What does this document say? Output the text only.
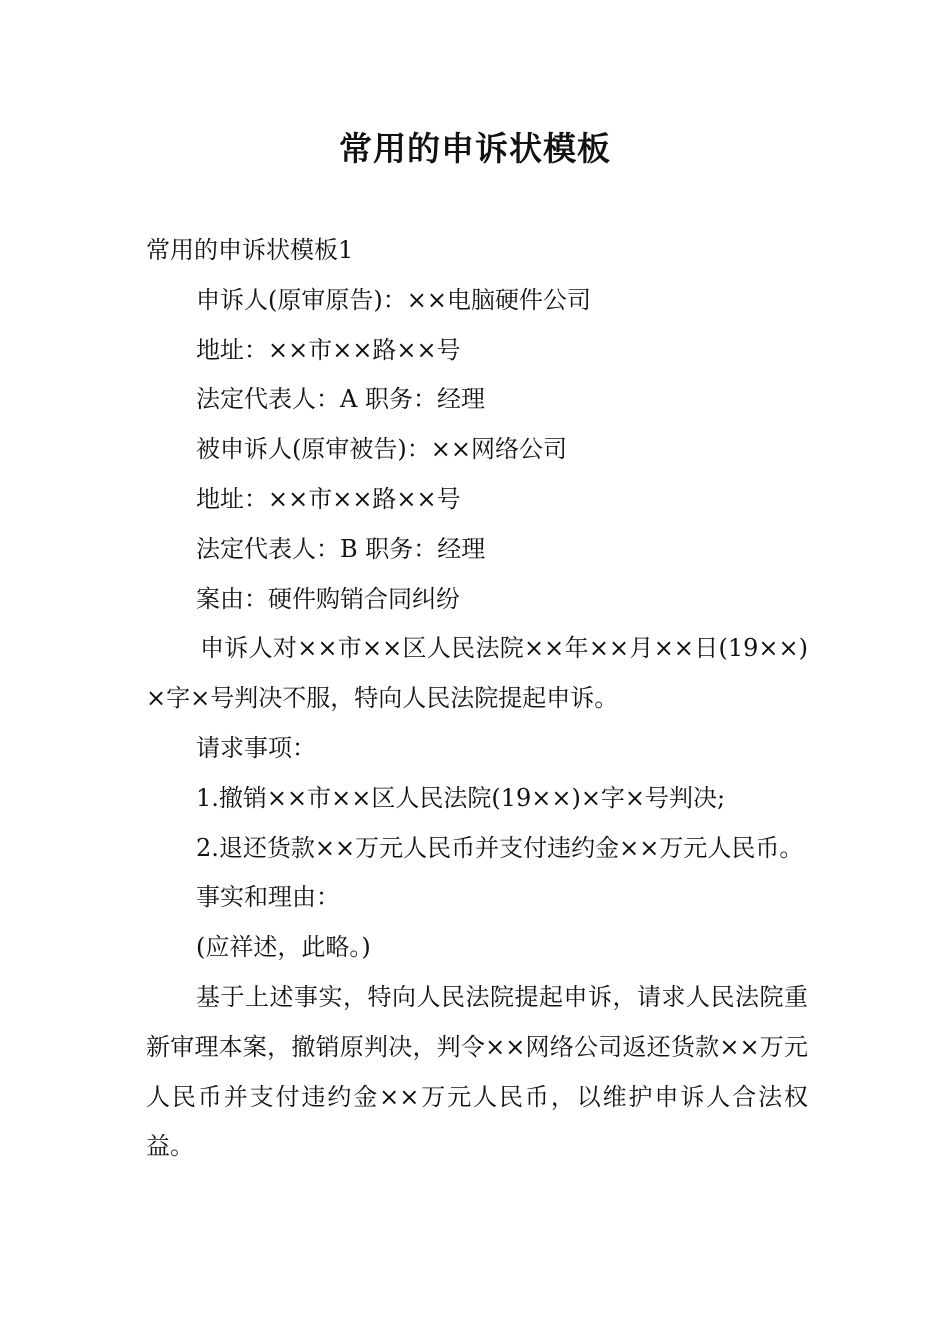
常用的申诉状模板

常用的申诉状模板1

申诉人(原审原告)：××电脑硬件公司

地址：××市××路××号

法定代表人：A 职务：经理

被申诉人(原审被告)：××网络公司

地址：××市××路××号

法定代表人：B 职务：经理

案由：硬件购销合同纠纷

申诉人对××市××区人民法院××年××月××日(19××)×字×号判决不服，特向人民法院提起申诉。

请求事项：

1.撤销××市××区人民法院(19××)×字×号判决;

2.退还货款××万元人民币并支付违约金××万元人民币。

事实和理由：

(应祥述，此略。)

基于上述事实，特向人民法院提起申诉，请求人民法院重新审理本案，撤销原判决，判令××网络公司返还货款××万元人民币并支付违约金××万元人民币，以维护申诉人合法权益。
